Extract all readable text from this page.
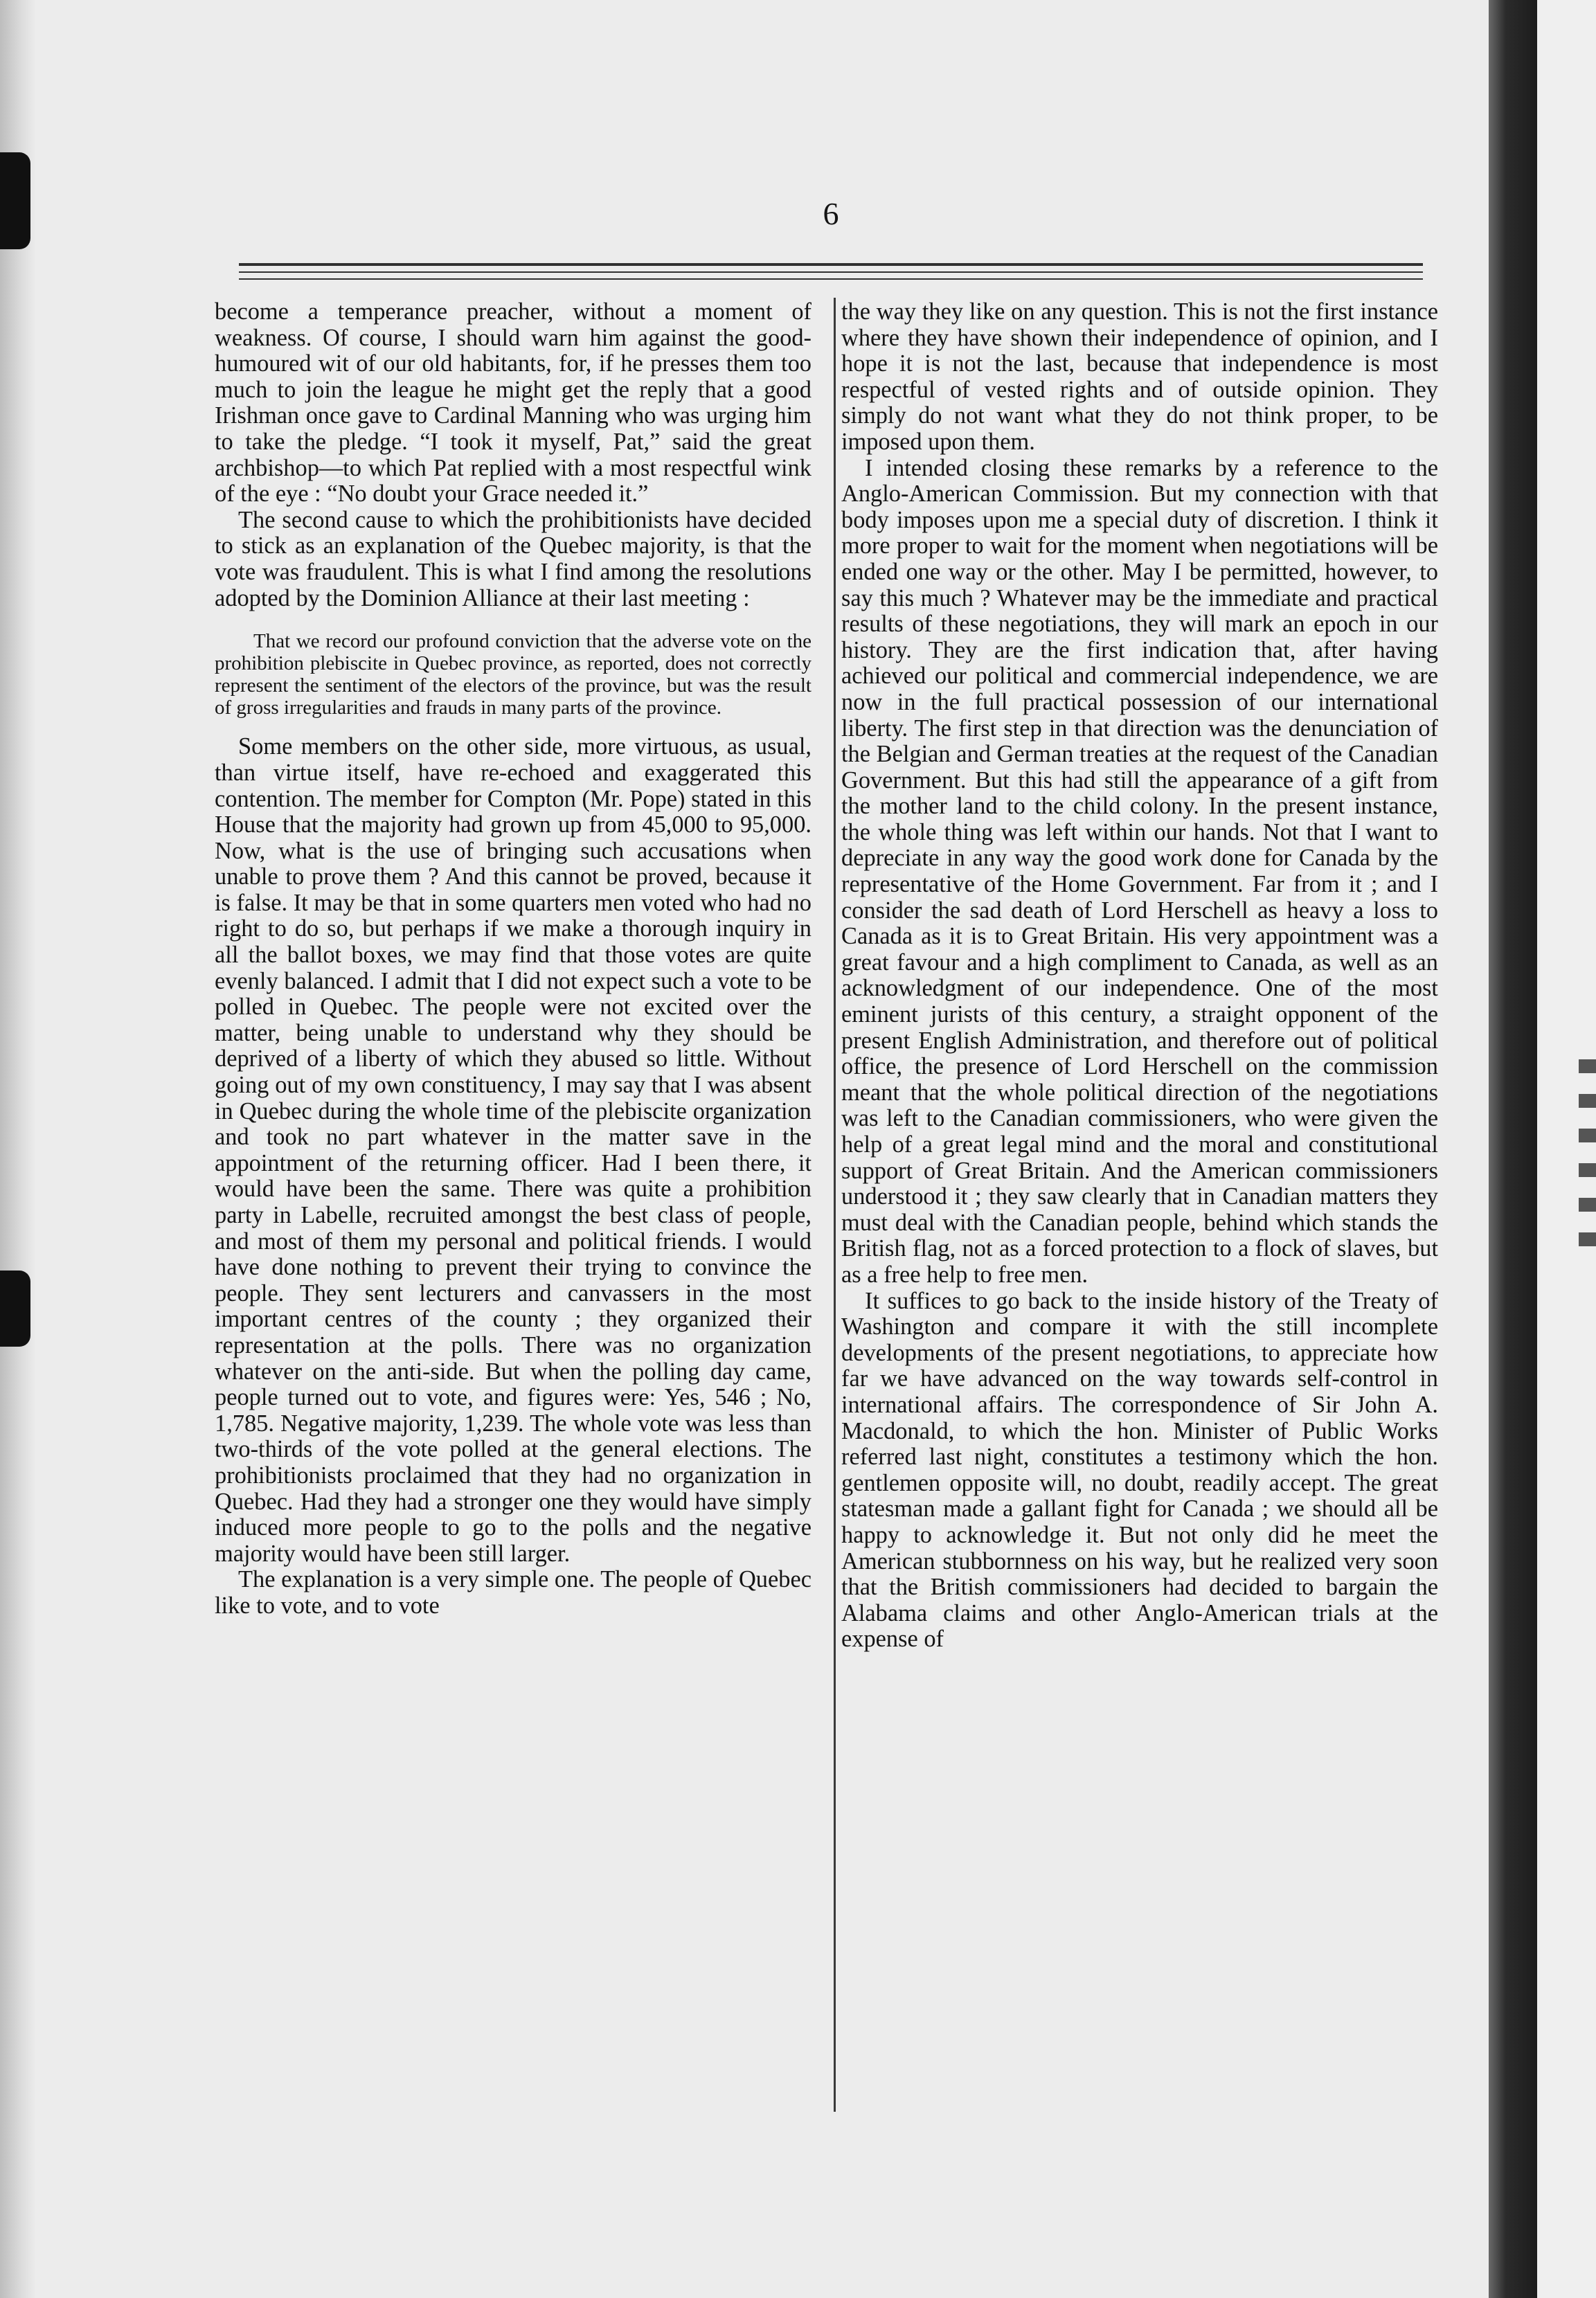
6

become a temperance preacher, without a moment of weakness. Of course, I should warn him against the good-humoured wit of our old habitants, for, if he presses them too much to join the league he might get the reply that a good Irishman once gave to Cardinal Manning who was urging him to take the pledge. “I took it myself, Pat,” said the great archbishop—to which Pat replied with a most respectful wink of the eye : “No doubt your Grace needed it.”

The second cause to which the prohibitionists have decided to stick as an explanation of the Quebec majority, is that the vote was fraudulent. This is what I find among the resolutions adopted by the Dominion Alliance at their last meeting :

That we record our profound conviction that the adverse vote on the prohibition plebiscite in Quebec province, as reported, does not correctly represent the sentiment of the electors of the province, but was the result of gross irregularities and frauds in many parts of the province.

Some members on the other side, more virtuous, as usual, than virtue itself, have re-echoed and exaggerated this contention. The member for Compton (Mr. Pope) stated in this House that the majority had grown up from 45,000 to 95,000. Now, what is the use of bringing such accusations when unable to prove them ? And this cannot be proved, because it is false. It may be that in some quarters men voted who had no right to do so, but perhaps if we make a thorough inquiry in all the ballot boxes, we may find that those votes are quite evenly balanced. I admit that I did not expect such a vote to be polled in Quebec. The people were not excited over the matter, being unable to understand why they should be deprived of a liberty of which they abused so little. Without going out of my own constituency, I may say that I was absent in Quebec during the whole time of the plebiscite organization and took no part whatever in the matter save in the appointment of the returning officer. Had I been there, it would have been the same. There was quite a prohibition party in Labelle, recruited amongst the best class of people, and most of them my personal and political friends. I would have done nothing to prevent their trying to convince the people. They sent lecturers and canvassers in the most important centres of the county ; they organized their representation at the polls. There was no organization whatever on the anti-side. But when the polling day came, people turned out to vote, and figures were: Yes, 546 ; No, 1,785. Negative majority, 1,239. The whole vote was less than two-thirds of the vote polled at the general elections. The prohibitionists proclaimed that they had no organization in Quebec. Had they had a stronger one they would have simply induced more people to go to the polls and the negative majority would have been still larger.

The explanation is a very simple one. The people of Quebec like to vote, and to vote

the way they like on any question. This is not the first instance where they have shown their independence of opinion, and I hope it is not the last, because that independence is most respectful of vested rights and of outside opinion. They simply do not want what they do not think proper, to be imposed upon them.

I intended closing these remarks by a reference to the Anglo-American Commission. But my connection with that body imposes upon me a special duty of discretion. I think it more proper to wait for the moment when negotiations will be ended one way or the other. May I be permitted, however, to say this much ? Whatever may be the immediate and practical results of these negotiations, they will mark an epoch in our history. They are the first indication that, after having achieved our political and commercial independence, we are now in the full practical possession of our international liberty. The first step in that direction was the denunciation of the Belgian and German treaties at the request of the Canadian Government. But this had still the appearance of a gift from the mother land to the child colony. In the present instance, the whole thing was left within our hands. Not that I want to depreciate in any way the good work done for Canada by the representative of the Home Government. Far from it ; and I consider the sad death of Lord Herschell as heavy a loss to Canada as it is to Great Britain. His very appointment was a great favour and a high compliment to Canada, as well as an acknowledgment of our independence. One of the most eminent jurists of this century, a straight opponent of the present English Administration, and therefore out of political office, the presence of Lord Herschell on the commission meant that the whole political direction of the negotiations was left to the Canadian commissioners, who were given the help of a great legal mind and the moral and constitutional support of Great Britain. And the American commissioners understood it ; they saw clearly that in Canadian matters they must deal with the Canadian people, behind which stands the British flag, not as a forced protection to a flock of slaves, but as a free help to free men.

It suffices to go back to the inside history of the Treaty of Washington and compare it with the still incomplete developments of the present negotiations, to appreciate how far we have advanced on the way towards self-control in international affairs. The correspondence of Sir John A. Macdonald, to which the hon. Minister of Public Works referred last night, constitutes a testimony which the hon. gentlemen opposite will, no doubt, readily accept. The great statesman made a gallant fight for Canada ; we should all be happy to acknowledge it. But not only did he meet the American stubbornness on his way, but he realized very soon that the British commissioners had decided to bargain the Alabama claims and other Anglo-American trials at the expense of
